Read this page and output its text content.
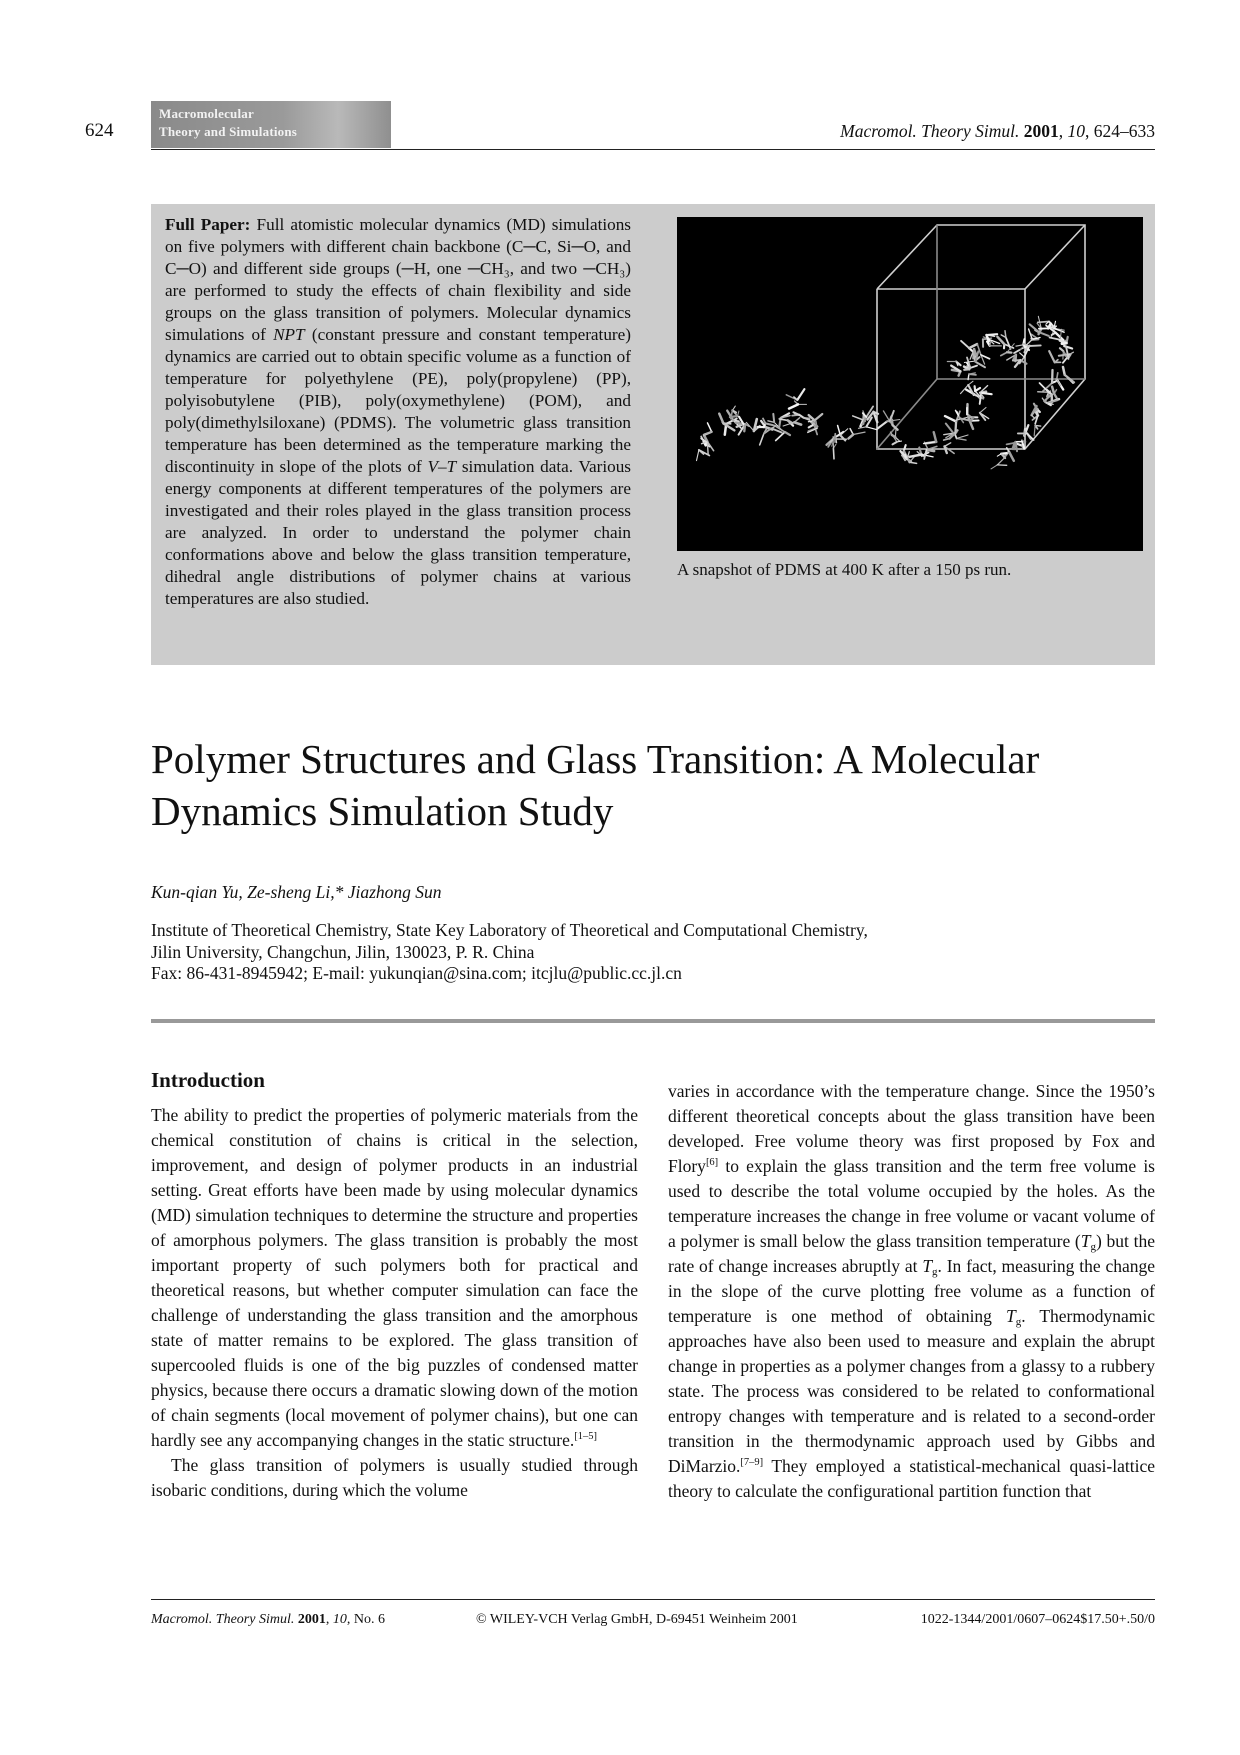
624
Macromolecular
Theory and Simulations	Macromol. Theory Simul. 2001, 10, 624–633

Full Paper: Full atomistic molecular dynamics (MD) simulations on five polymers with different chain backbone (C─C, Si─O, and C─O) and different side groups (─H, one ─CH₃, and two ─CH₃) are performed to study the effects of chain flexibility and side groups on the glass transition of polymers. Molecular dynamics simulations of NPT (constant pressure and constant temperature) dynamics are carried out to obtain specific volume as a function of temperature for polyethylene (PE), poly(propylene) (PP), polyisobutylene (PIB), poly(oxymethylene) (POM), and poly(dimethylsiloxane) (PDMS). The volumetric glass transition temperature has been determined as the temperature marking the discontinuity in slope of the plots of V–T simulation data. Various energy components at different temperatures of the polymers are investigated and their roles played in the glass transition process are analyzed. In order to understand the polymer chain conformations above and below the glass transition temperature, dihedral angle distributions of polymer chains at various temperatures are also studied.

A snapshot of PDMS at 400 K after a 150 ps run.
Polymer Structures and Glass Transition: A Molecular Dynamics Simulation Study
Kun-qian Yu, Ze-sheng Li,* Jiazhong Sun
Institute of Theoretical Chemistry, State Key Laboratory of Theoretical and Computational Chemistry,
Jilin University, Changchun, Jilin, 130023, P. R. China
Fax: 86-431-8945942; E-mail: yukunqian@sina.com; itcjlu@public.cc.jl.cn
Introduction

The ability to predict the properties of polymeric materials from the chemical constitution of chains is critical in the selection, improvement, and design of polymer products in an industrial setting. Great efforts have been made by using molecular dynamics (MD) simulation techniques to determine the structure and properties of amorphous polymers. The glass transition is probably the most important property of such polymers both for practical and theoretical reasons, but whether computer simulation can face the challenge of understanding the glass transition and the amorphous state of matter remains to be explored. The glass transition of supercooled fluids is one of the big puzzles of condensed matter physics, because there occurs a dramatic slowing down of the motion of chain segments (local movement of polymer chains), but one can hardly see any accompanying changes in the static structure.[1–5]

The glass transition of polymers is usually studied through isobaric conditions, during which the volume

varies in accordance with the temperature change. Since the 1950’s different theoretical concepts about the glass transition have been developed. Free volume theory was first proposed by Fox and Flory[6] to explain the glass transition and the term free volume is used to describe the total volume occupied by the holes. As the temperature increases the change in free volume or vacant volume of a polymer is small below the glass transition temperature $(T_g)$ but the rate of change increases abruptly at $T_g$. In fact, measuring the change in the slope of the curve plotting free volume as a function of temperature is one method of obtaining $T_g$. Thermodynamic approaches have also been used to measure and explain the abrupt change in properties as a polymer changes from a glassy to a rubbery state. The process was considered to be related to conformational entropy changes with temperature and is related to a second-order transition in the thermodynamic approach used by Gibbs and DiMarzio.[7–9] They employed a statistical-mechanical quasi-lattice theory to calculate the configurational partition function that

Macromol. Theory Simul. 2001, 10, No. 6	© WILEY-VCH Verlag GmbH, D-69451 Weinheim 2001	1022-1344/2001/0607–0624$17.50+.50/0
